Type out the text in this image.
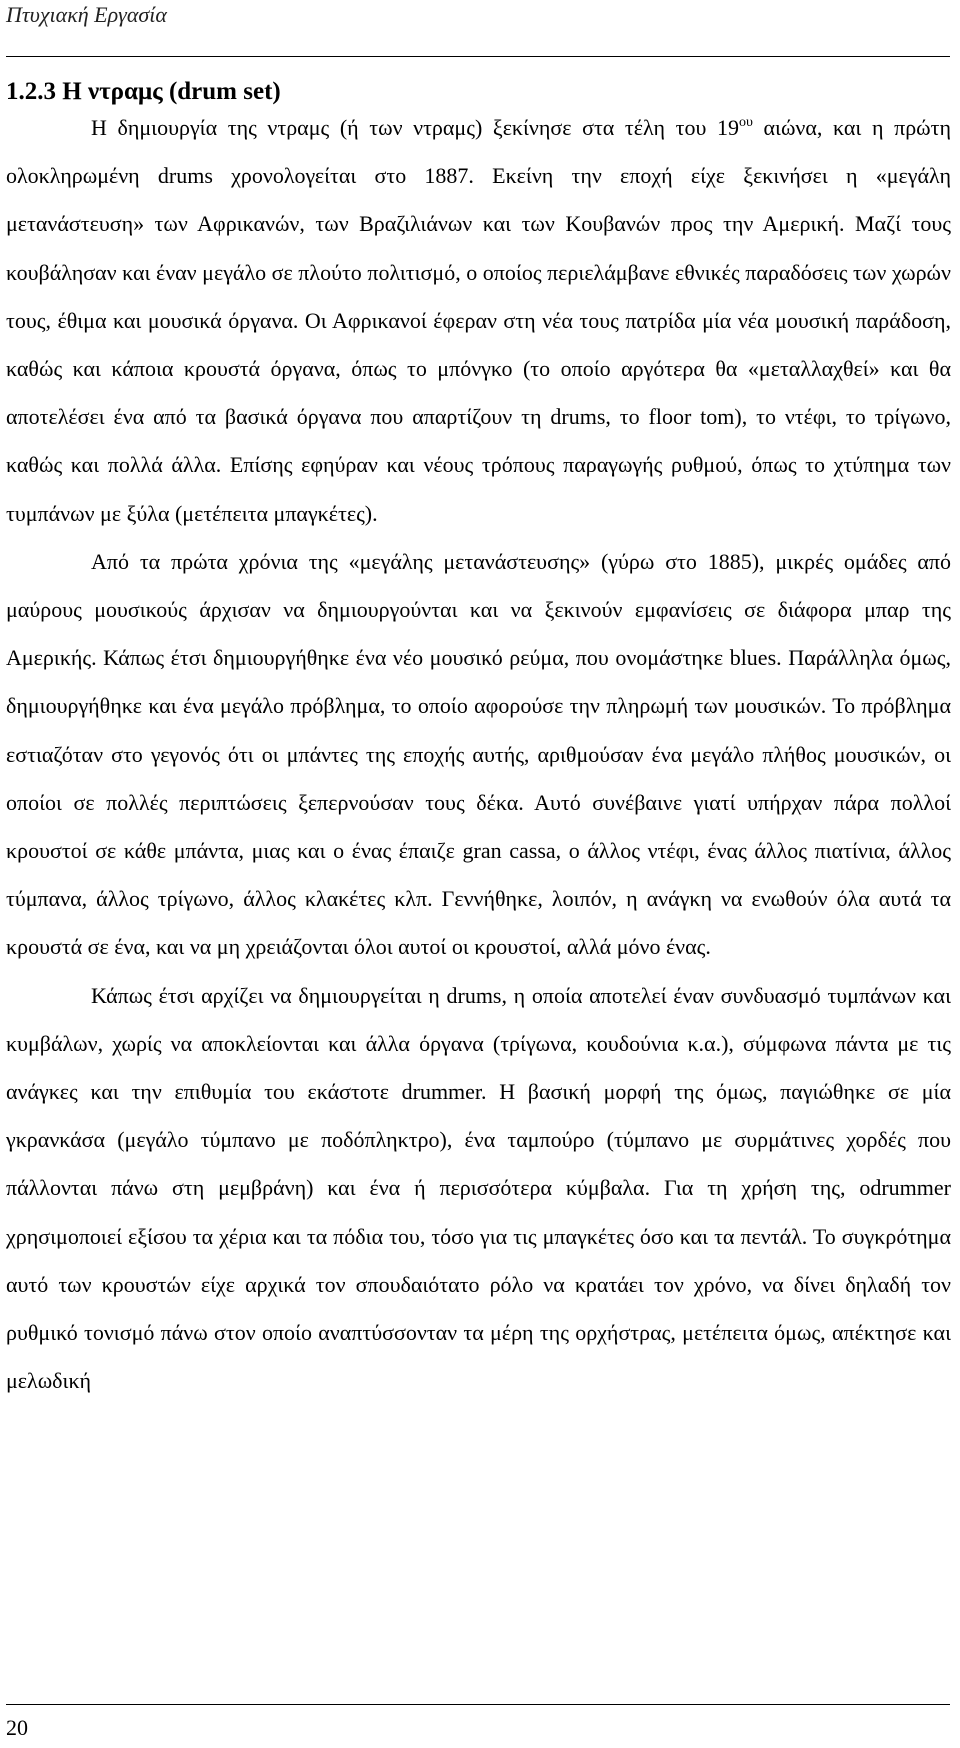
Πτυχιακή Εργασία
1.2.3 Η ντραμς (drum set)

Η δημιουργία της ντραμς (ή των ντραμς) ξεκίνησε στα τέλη του $19^{o\upsilon}$ αιώνα, και η πρώτη ολοκληρωμένη drums χρονολογείται στο 1887. Εκείνη την εποχή είχε ξεκινήσει η «μεγάλη μετανάστευση» των Αφρικανών, των Βραζιλιάνων και των Κουβανών προς την Αμερική. Μαζί τους κουβάλησαν και έναν μεγάλο σε πλούτο πολιτισμό, ο οποίος περιελάμβανε εθνικές παραδόσεις των χωρών τους, έθιμα και μουσικά όργανα. Οι Αφρικανοί έφεραν στη νέα τους πατρίδα μία νέα μουσική παράδοση, καθώς και κάποια κρουστά όργανα, όπως το μπόνγκο (το οποίο αργότερα θα «μεταλλαχθεί» και θα αποτελέσει ένα από τα βασικά όργανα που απαρτίζουν τη drums, το floor tom), το ντέφι, το τρίγωνο, καθώς και πολλά άλλα. Επίσης εφηύραν και νέους τρόπους παραγωγής ρυθμού, όπως το χτύπημα των τυμπάνων με ξύλα (μετέπειτα μπαγκέτες).

Από τα πρώτα χρόνια της «μεγάλης μετανάστευσης» (γύρω στο 1885), μικρές ομάδες από μαύρους μουσικούς άρχισαν να δημιουργούνται και να ξεκινούν εμφανίσεις σε διάφορα μπαρ της Αμερικής. Κάπως έτσι δημιουργήθηκε ένα νέο μουσικό ρεύμα, που ονομάστηκε blues. Παράλληλα όμως, δημιουργήθηκε και ένα μεγάλο πρόβλημα, το οποίο αφορούσε την πληρωμή των μουσικών. Το πρόβλημα εστιαζόταν στο γεγονός ότι οι μπάντες της εποχής αυτής, αριθμούσαν ένα μεγάλο πλήθος μουσικών, οι οποίοι σε πολλές περιπτώσεις ξεπερνούσαν τους δέκα. Αυτό συνέβαινε γιατί υπήρχαν πάρα πολλοί κρουστοί σε κάθε μπάντα, μιας και ο ένας έπαιζε gran cassa, ο άλλος ντέφι, ένας άλλος πιατίνια, άλλος τύμπανα, άλλος τρίγωνο, άλλος κλακέτες κλπ. Γεννήθηκε, λοιπόν, η ανάγκη να ενωθούν όλα αυτά τα κρουστά σε ένα, και να μη χρειάζονται όλοι αυτοί οι κρουστοί, αλλά μόνο ένας.

Κάπως έτσι αρχίζει να δημιουργείται η drums, η οποία αποτελεί έναν συνδυασμό τυμπάνων και κυμβάλων, χωρίς να αποκλείονται και άλλα όργανα (τρίγωνα, κουδούνια κ.α.), σύμφωνα πάντα με τις ανάγκες και την επιθυμία του εκάστοτε drummer. Η βασική μορφή της όμως, παγιώθηκε σε μία γκρανκάσα (μεγάλο τύμπανο με ποδόπληκτρο), ένα ταμπούρο (τύμπανο με συρμάτινες χορδές που πάλλονται πάνω στη μεμβράνη) και ένα ή περισσότερα κύμβαλα. Για τη χρήση της, odrummer χρησιμοποιεί εξίσου τα χέρια και τα πόδια του, τόσο για τις μπαγκέτες όσο και τα πεντάλ. Το συγκρότημα αυτό των κρουστών είχε αρχικά τον σπουδαιότατο ρόλο να κρατάει τον χρόνο, να δίνει δηλαδή τον ρυθμικό τονισμό πάνω στον οποίο αναπτύσσονταν τα μέρη της ορχήστρας, μετέπειτα όμως, απέκτησε και μελωδική

20
